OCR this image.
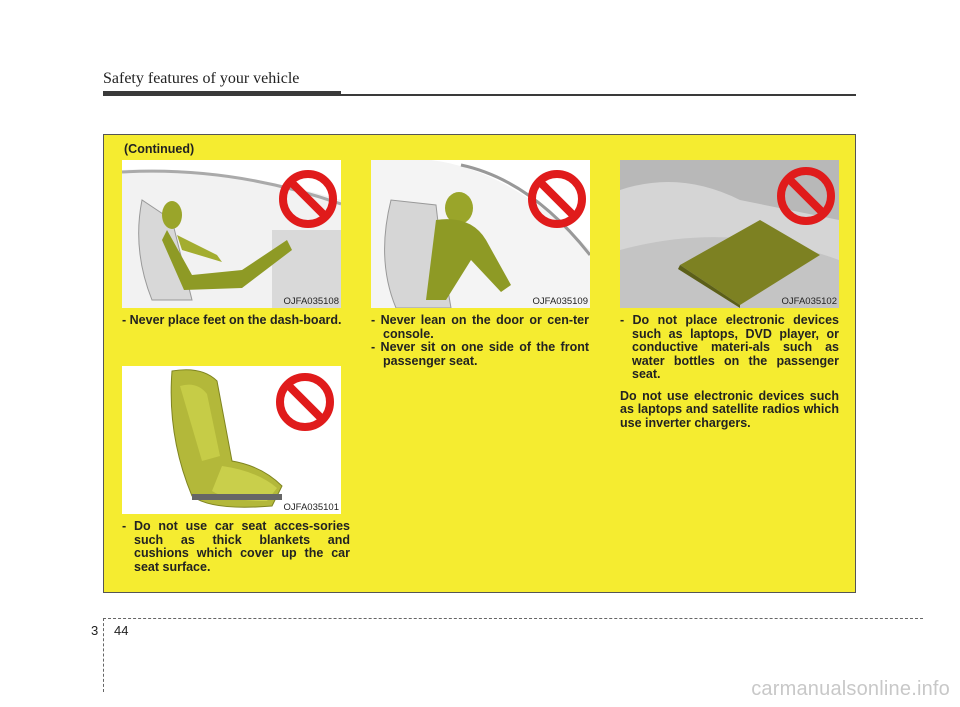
Safety features of your vehicle
(Continued)
OJFA035108	OJFA035109	OJFA035102
OJFA035101
- Never place feet on the dash-board.
- Do not use car seat acces-sories such as thick blankets and cushions which cover up the car seat surface.
- Never lean on the door or cen-ter console.
- Never sit on one side of the front passenger seat.
- Do not place electronic devices such as laptops, DVD player, or conductive materi-als such as water bottles on the passenger seat.
Do not use electronic devices such as laptops and satellite radios which use inverter chargers.
3 44
carmanualsonline.info
